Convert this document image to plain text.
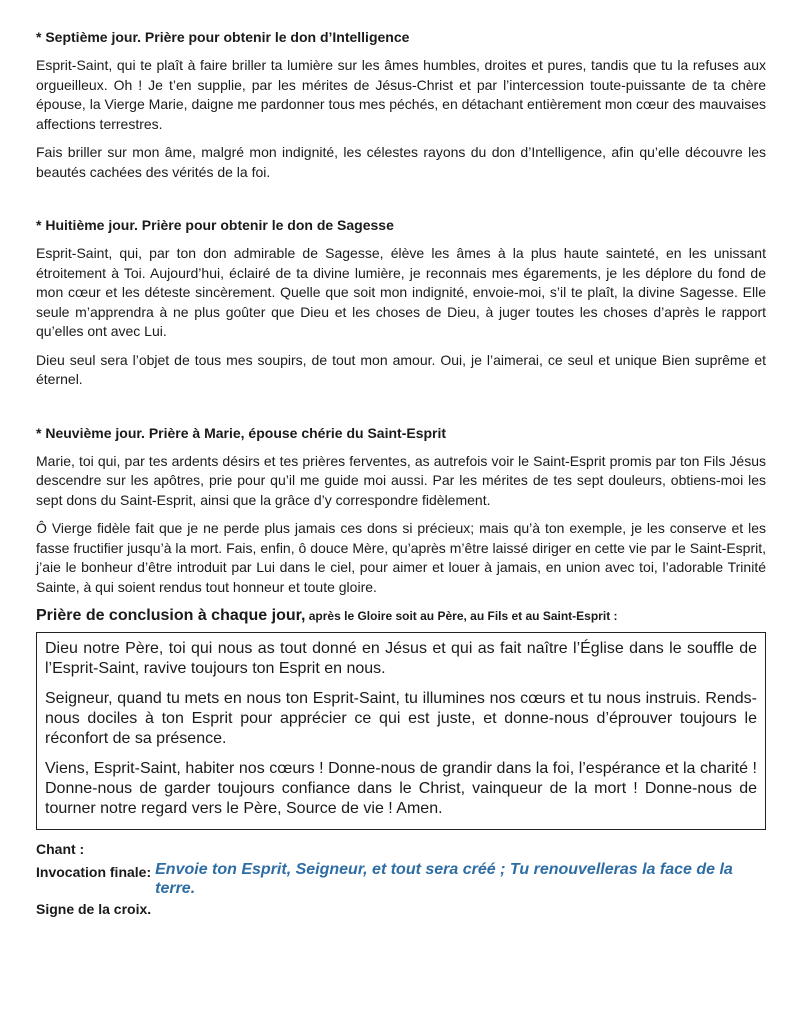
* Septième jour. Prière pour obtenir le don d’Intelligence

Esprit-Saint, qui te plaît à faire briller ta lumière sur les âmes humbles, droites et pures, tandis que tu la refuses aux orgueilleux. Oh ! Je t’en supplie, par les mérites de Jésus-Christ et par l’intercession toute-puissante de ta chère épouse, la Vierge Marie, daigne me pardonner tous mes péchés, en détachant entièrement mon cœur des mauvaises affections terrestres.

Fais briller sur mon âme, malgré mon indignité, les célestes rayons du don d’Intelligence, afin qu’elle découvre les beautés cachées des vérités de la foi.

* Huitième jour. Prière pour obtenir le don de Sagesse

Esprit-Saint, qui, par ton don admirable de Sagesse, élève les âmes à la plus haute sainteté, en les unissant étroitement à Toi. Aujourd’hui, éclairé de ta divine lumière, je reconnais mes égarements, je les déplore du fond de mon cœur et les déteste sincèrement. Quelle que soit mon indignité, envoie-moi, s’il te plaît, la divine Sagesse. Elle seule m’apprendra à ne plus goûter que Dieu et les choses de Dieu, à juger toutes les choses d’après le rapport qu’elles ont avec Lui.

Dieu seul sera l’objet de tous mes soupirs, de tout mon amour. Oui, je l’aimerai, ce seul et unique Bien suprême et éternel.

* Neuvième jour. Prière à Marie, épouse chérie du Saint-Esprit

Marie, toi qui, par tes ardents désirs et tes prières ferventes, as autrefois voir le Saint-Esprit promis par ton Fils Jésus descendre sur les apôtres, prie pour qu’il me guide moi aussi. Par les mérites de tes sept douleurs, obtiens-moi les sept dons du Saint-Esprit, ainsi que la grâce d’y correspondre fidèlement.

Ô Vierge fidèle fait que je ne perde plus jamais ces dons si précieux; mais qu’à ton exemple, je les conserve et les fasse fructifier jusqu’à la mort. Fais, enfin, ô douce Mère, qu’après m’être laissé diriger en cette vie par le Saint-Esprit, j’aie le bonheur d’être introduit par Lui dans le ciel, pour aimer et louer à jamais, en union avec toi, l’adorable Trinité Sainte, à qui soient rendus tout honneur et toute gloire.

Prière de conclusion à chaque jour, après le Gloire soit au Père, au Fils et au Saint-Esprit :

Dieu notre Père, toi qui nous as tout donné en Jésus et qui as fait naître l’Église dans le souffle de l’Esprit-Saint, ravive toujours ton Esprit en nous.

Seigneur, quand tu mets en nous ton Esprit-Saint, tu illumines nos cœurs et tu nous instruis. Rends-nous dociles à ton Esprit pour apprécier ce qui est juste, et donne-nous d’éprouver toujours le réconfort de sa présence.

Viens, Esprit-Saint, habiter nos cœurs ! Donne-nous de grandir dans la foi, l’espérance et la charité ! Donne-nous de garder toujours confiance dans le Christ, vainqueur de la mort ! Donne-nous de tourner notre regard vers le Père, Source de vie ! Amen.

Chant :
Invocation finale: Envoie ton Esprit, Seigneur, et tout sera créé ; Tu renouvelleras la face de la terre.
Signe de la croix.
